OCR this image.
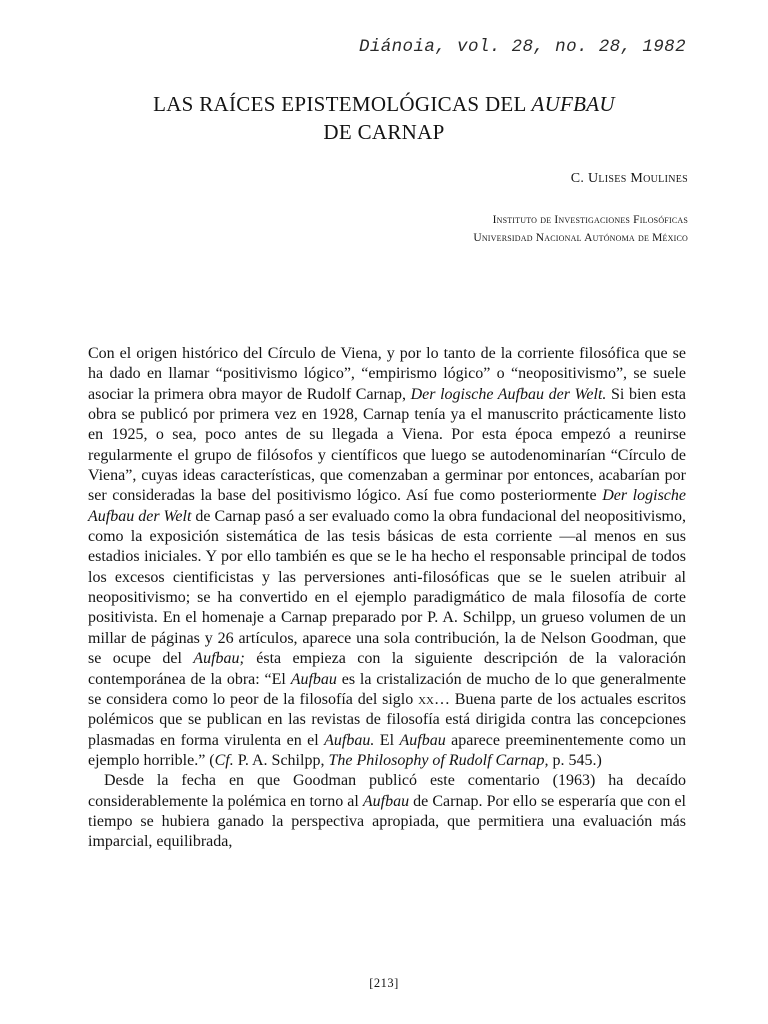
Diánoia, vol. 28, no. 28, 1982
LAS RAÍCES EPISTEMOLÓGICAS DEL AUFBAU
DE CARNAP
C. Ulises Moulines
Instituto de Investigaciones Filosóficas
Universidad Nacional Autónoma de México

Con el origen histórico del Círculo de Viena, y por lo tanto de la corriente filosófica que se ha dado en llamar “positivismo lógico”, “empirismo lógico” o “neopositivismo”, se suele asociar la primera obra mayor de Rudolf Carnap, Der logische Aufbau der Welt. Si bien esta obra se publicó por primera vez en 1928, Carnap tenía ya el manuscrito prácticamente listo en 1925, o sea, poco antes de su llegada a Viena. Por esta época empezó a reunirse regularmente el grupo de filósofos y científicos que luego se autodenominarían “Círculo de Viena”, cuyas ideas características, que comenzaban a germinar por entonces, acabarían por ser consideradas la base del positivismo lógico. Así fue como posteriormente Der logische Aufbau der Welt de Carnap pasó a ser evaluado como la obra fundacional del neopositivismo, como la exposición sistemática de las tesis básicas de esta corriente —al menos en sus estadios iniciales. Y por ello también es que se le ha hecho el responsable principal de todos los excesos cientificistas y las perversiones anti-filosóficas que se le suelen atribuir al neopositivismo; se ha convertido en el ejemplo paradigmático de mala filosofía de corte positivista. En el homenaje a Carnap preparado por P. A. Schilpp, un grueso volumen de un millar de páginas y 26 artículos, aparece una sola contribución, la de Nelson Goodman, que se ocupe del Aufbau; ésta empieza con la siguiente descripción de la valoración contemporánea de la obra: “El Aufbau es la cristalización de mucho de lo que generalmente se considera como lo peor de la filosofía del siglo xx… Buena parte de los actuales escritos polémicos que se publican en las revistas de filosofía está dirigida contra las concepciones plasmadas en forma virulenta en el Aufbau. El Aufbau aparece preeminentemente como un ejemplo horrible.” (Cf. P. A. Schilpp, The Philosophy of Rudolf Carnap, p. 545.)

Desde la fecha en que Goodman publicó este comentario (1963) ha decaído considerablemente la polémica en torno al Aufbau de Carnap. Por ello se esperaría que con el tiempo se hubiera ganado la perspectiva apropiada, que permitiera una evaluación más imparcial, equilibrada,

[213]
